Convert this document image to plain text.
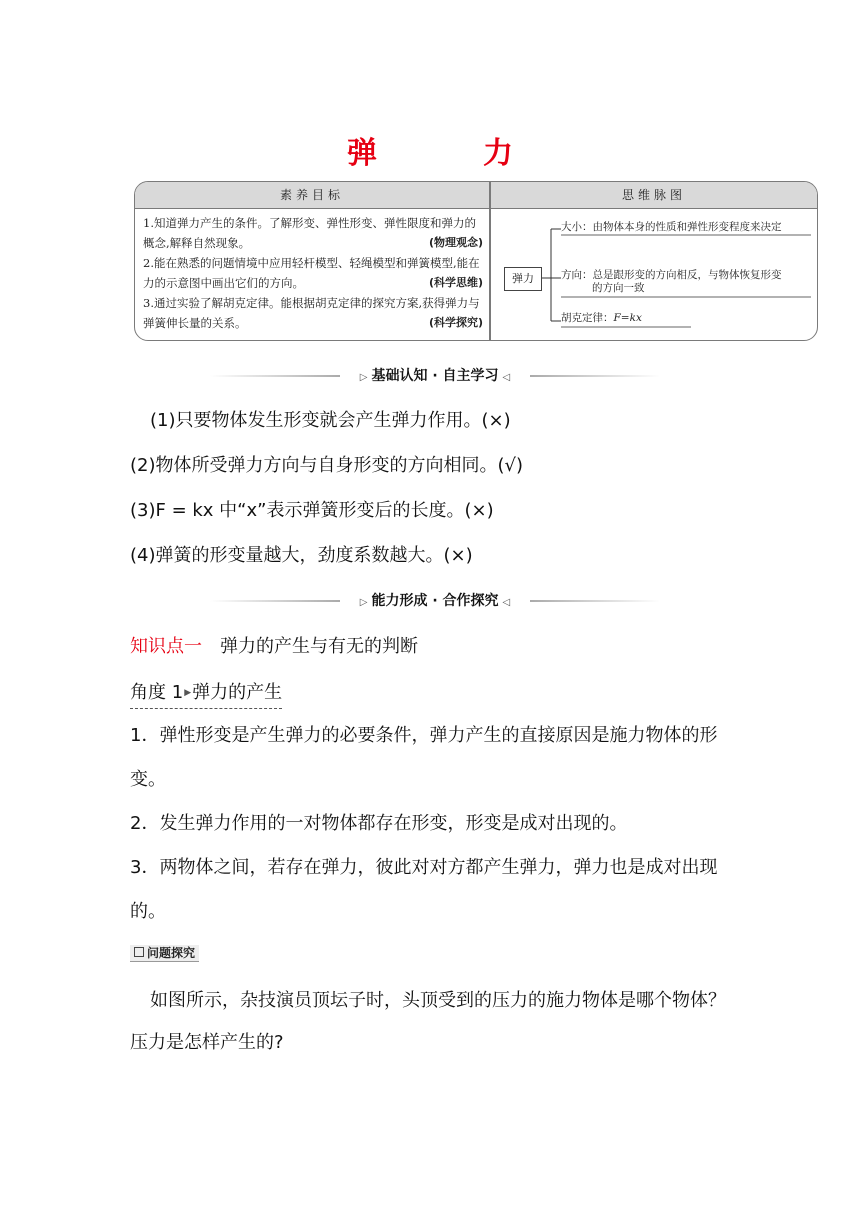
弹　力
素养目标	思维脉图
1.知道弹力产生的条件。了解形变、弹性形变、弹性限度和弹力的概念,解释自然现象。	(物理观念)
2.能在熟悉的问题情境中应用轻杆模型、轻绳模型和弹簧模型,能在力的示意图中画出它们的方向。	(科学思维)
3.通过实验了解胡克定律。能根据胡克定律的探究方案,获得弹力与弹簧伸长量的关系。	(科学探究)
弹力
大小：由物体本身的性质和弹性形变程度来决定
方向：总是跟形变的方向相反，与物体恢复形变
的方向一致
胡克定律：F=kx
▷ 基础认知 · 自主学习 ◁
(1)只要物体发生形变就会产生弹力作用。(×)
(2)物体所受弹力方向与自身形变的方向相同。(√)
(3)F = kx 中“x”表示弹簧形变后的长度。(×)
(4)弹簧的形变量越大，劲度系数越大。(×)
▷ 能力形成 · 合作探究 ◁
知识点一 弹力的产生与有无的判断
角度 1▶弹力的产生
1．弹性形变是产生弹力的必要条件，弹力产生的直接原因是施力物体的形变。
2．发生弹力作用的一对物体都存在形变，形变是成对出现的。
3．两物体之间，若存在弹力，彼此对对方都产生弹力，弹力也是成对出现的。
问题探究
如图所示，杂技演员顶坛子时，头顶受到的压力的施力物体是哪个物体？压力是怎样产生的?
